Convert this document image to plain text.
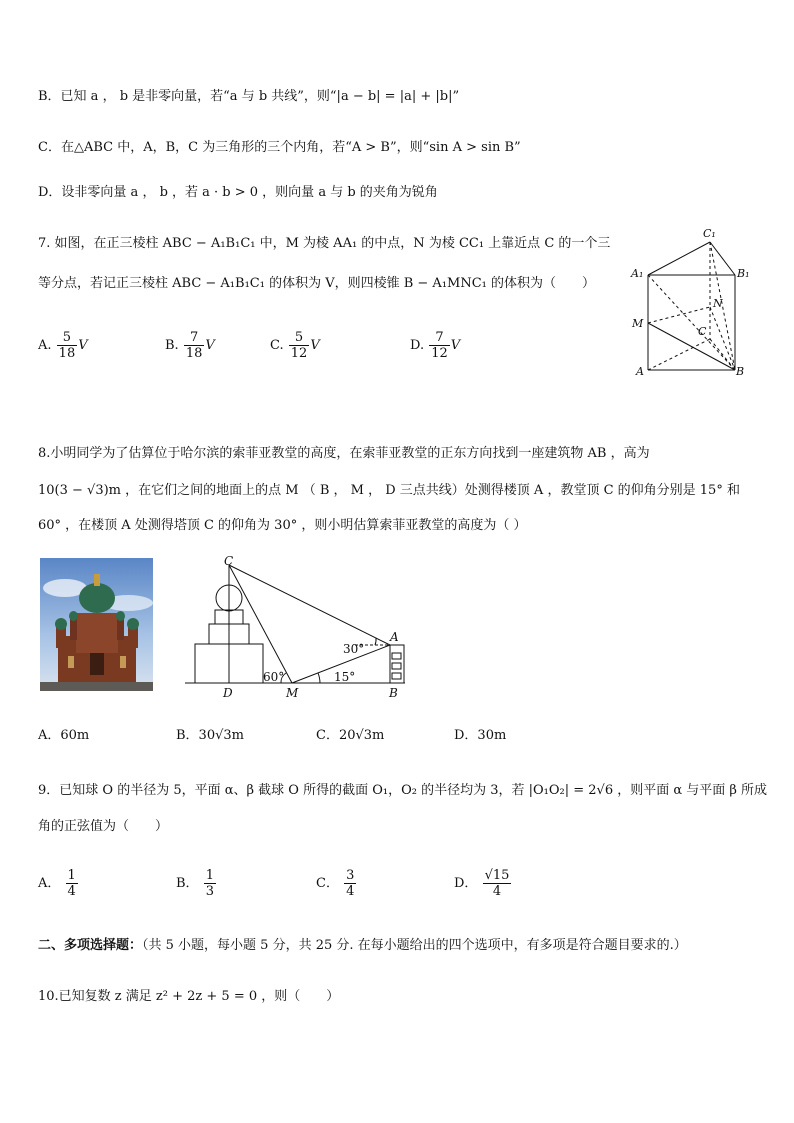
B．已知 a ， b 是非零向量，若“a 与 b 共线”，则“|a − b| = |a| + |b|”
C．在△ABC 中，A，B，C 为三角形的三个内角，若“A > B”，则“sin A > sin B”
D．设非零向量 a ， b ，若 a · b > 0 ，则向量 a 与 b 的夹角为锐角
7. 如图，在正三棱柱 ABC − A₁B₁C₁ 中，M 为棱 AA₁ 的中点，N 为棱 CC₁ 上靠近点 C 的一个三
等分点，若记正三棱柱 ABC − A₁B₁C₁ 的体积为 V，则四棱锥 B − A₁MNC₁ 的体积为（　　）
A. $\frac{5}{18}$ V	B. $\frac{7}{18}$ V	C. $\frac{5}{12}$ V	D. $\frac{7}{12}$ V
C₁
A₁	B₁
N
M
C
A	B
8.小明同学为了估算位于哈尔滨的索菲亚教堂的高度，在索菲亚教堂的正东方向找到一座建筑物 AB ，高为
10(3 − √3)m ，在它们之间的地面上的点 M （ B ， M ， D 三点共线）处测得楼顶 A ，教堂顶 C 的仰角分别是 15° 和
60° ，在楼顶 A 处测得塔顶 C 的仰角为 30° ，则小明估算索菲亚教堂的高度为（ ）
C
A
D	M	B
30°
60°	15°
A．60m	B．30√3m	C．20√3m	D．30m
9．已知球 O 的半径为 5，平面 α、β 截球 O 所得的截面 O₁，O₂ 的半径均为 3，若 |O₁O₂| = 2√6 ，则平面 α 与平面 β 所成
角的正弦值为（　　）
A． $\frac{1}{4}$	B． $\frac{1}{3}$	C． $\frac{3}{4}$	D． $\frac{√15}{4}$
二、多项选择题：（共 5 小题，每小题 5 分，共 25 分. 在每小题给出的四个选项中，有多项是符合题目要求的.）
10.已知复数 z 满足 z² + 2z + 5 = 0 ，则（　　）
